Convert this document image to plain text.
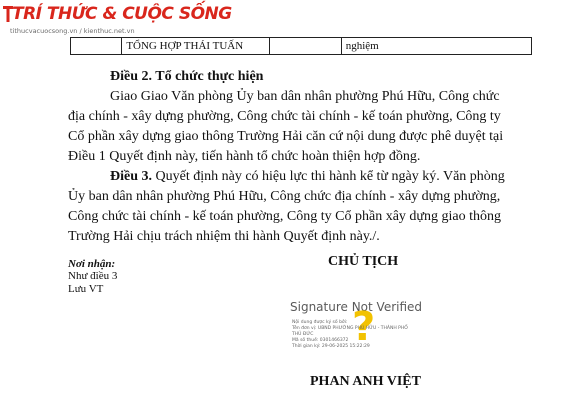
TRÍ THỨC & CUỘC SỐNG
tithucvacuocsong.vn / kienthuc.net.vn
	TỔNG HỢP THÁI TUẤN		nghiệm

Điều 2. Tổ chức thực hiện

Giao Giao Văn phòng Ủy ban dân nhân phường Phú Hữu, Công chức

địa chính - xây dựng phường, Công chức tài chính - kế toán phường, Công ty

Cổ phần xây dựng giao thông Trường Hải căn cứ nội dung được phê duyệt tại

Điều 1 Quyết định này, tiến hành tổ chức hoàn thiện hợp đồng.

Điều 3. Quyết định này có hiệu lực thi hành kể từ ngày ký. Văn phòng

Ủy ban dân nhân phường Phú Hữu, Công chức địa chính - xây dựng phường,

Công chức tài chính - kế toán phường, Công ty Cổ phần xây dựng giao thông

Trường Hải chịu trách nhiệm thi hành Quyết định này./.

Nơi nhận:
Như điều 3
Lưu VT
CHỦ TỊCH
Signature Not Verified
?
Nội dung được ký số bởi:
Tên đơn vị: UBND PHƯỜNG PHÚ HỮU - THÀNH PHỐ
THỦ ĐỨC
Mã số thuế: 0301466372
Thời gian ký: 29-06-2025 15:22:29
PHAN ANH VIỆT
